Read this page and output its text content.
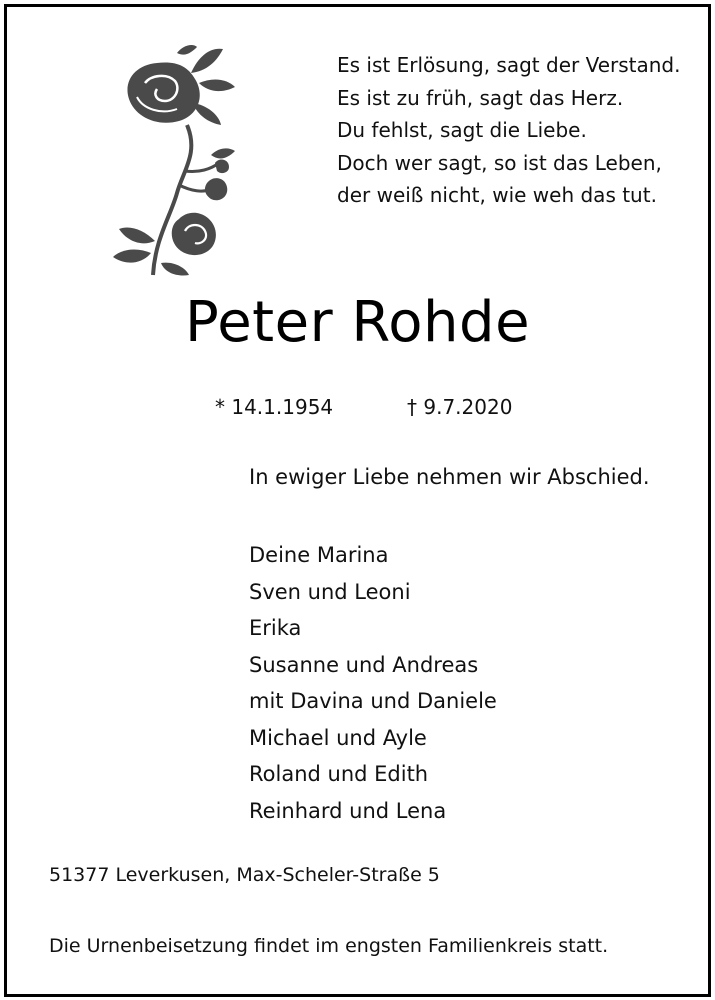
Es ist Erlösung, sagt der Verstand.
Es ist zu früh, sagt das Herz.
Du fehlst, sagt die Liebe.
Doch wer sagt, so ist das Leben,
der weiß nicht, wie weh das tut.
Peter Rohde
* 14.1.1954	† 9.7.2020
In ewiger Liebe nehmen wir Abschied.
Deine Marina
Sven und Leoni
Erika
Susanne und Andreas
mit Davina und Daniele
Michael und Ayle
Roland und Edith
Reinhard und Lena
51377 Leverkusen, Max-Scheler-Straße 5
Die Urnenbeisetzung findet im engsten Familienkreis statt.
